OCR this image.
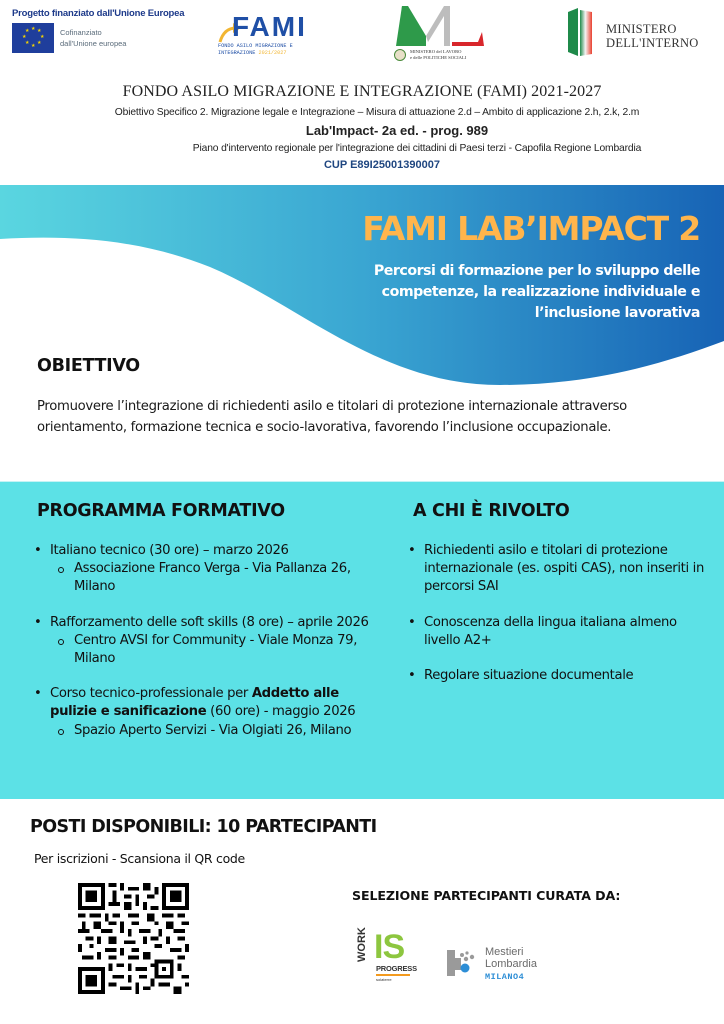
Progetto finanziato dall'Unione Europea
★ ★
★
★
★
★
★
★	Cofinanziato
dall'Unione europea
FAMI
FONDO ASILO MIGRAZIONE E
INTEGRAZIONE 2021/2027	MINISTERO del LAVORO
e delle POLITICHE SOCIALI
MINISTERO
DELL'INTERNO
FONDO ASILO MIGRAZIONE E INTEGRAZIONE (FAMI) 2021-2027
Obiettivo Specifico 2. Migrazione legale e Integrazione – Misura di attuazione 2.d – Ambito di applicazione 2.h, 2.k, 2.m
Lab'Impact- 2a ed. - prog. 989
Piano d'intervento regionale per l'integrazione dei cittadini di Paesi terzi - Capofila Regione Lombardia
CUP E89I25001390007
FAMI LAB’IMPACT 2
Percorsi di formazione per lo sviluppo delle competenze, la realizzazione individuale e l’inclusione lavorativa
OBIETTIVO
Promuovere l’integrazione di richiedenti asilo e titolari di protezione internazionale attraverso orientamento, formazione tecnica e socio-lavorativa, favorendo l’inclusione occupazionale.
PROGRAMMA FORMATIVO
• Italiano tecnico (30 ore) – marzo 2026
Associazione Franco Verga - Via Pallanza 26, Milano
• Rafforzamento delle soft skills (8 ore) – aprile 2026
Centro AVSI for Community - Viale Monza 79, Milano
• Corso tecnico-professionale per Addetto alle pulizie e sanificazione (60 ore) - maggio 2026
Spazio Aperto Servizi - Via Olgiati 26, Milano
A CHI È RIVOLTO
• Richiedenti asilo e titolari di protezione internazionale (es. ospiti CAS), non inseriti in percorsi SAI
• Conoscenza della lingua italiana almeno livello A2+
• Regolare situazione documentale
POSTI DISPONIBILI: 10 PARTECIPANTI
Per iscrizioni - Scansiona il QR code
SELEZIONE PARTECIPANTI CURATA DA:
WORK IS
PROGRESS
solaterre
Mestieri
Lombardia
MILANO4
